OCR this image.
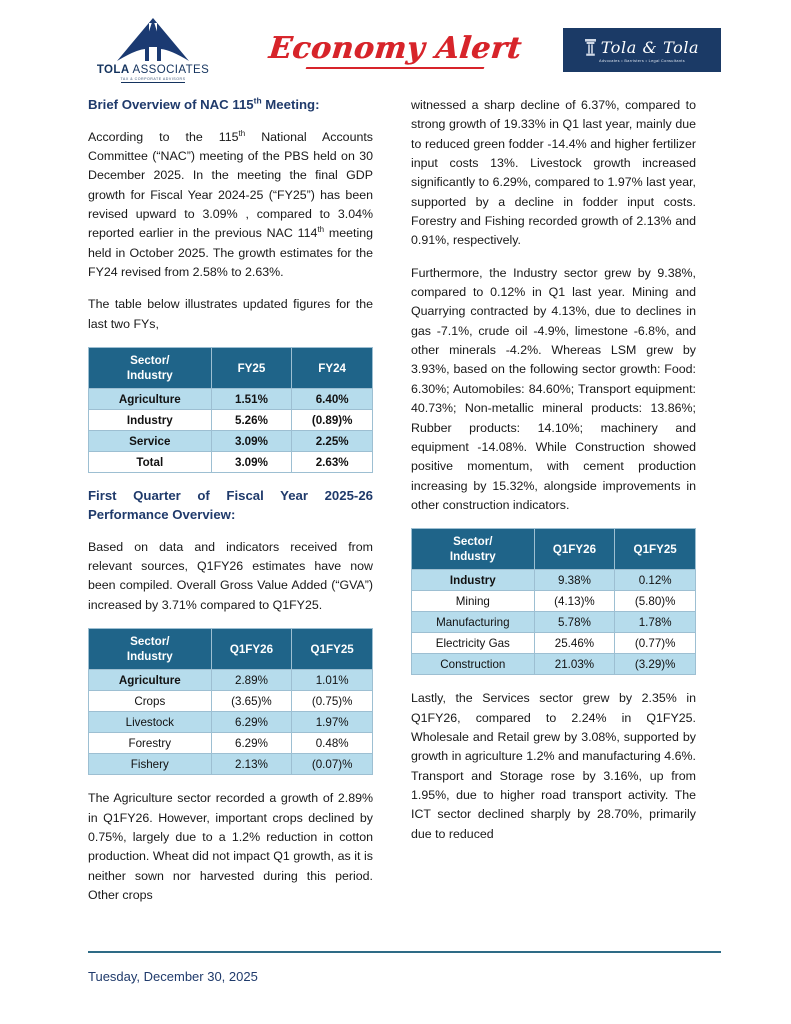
TOLA ASSOCIATES
TAX & CORPORATE ADVISORS
Economy Alert	Tola & Tola
Advocates • Barristers • Legal Consultants
Brief Overview of NAC 115th Meeting:

According to the 115th National Accounts Committee (“NAC”) meeting of the PBS held on 30 December 2025. In the meeting the final GDP growth for Fiscal Year 2024-25 (“FY25”) has been revised upward to 3.09% , compared to 3.04% reported earlier in the previous NAC 114th meeting held in October 2025. The growth estimates for the FY24 revised from 2.58% to 2.63%.

The table below illustrates updated figures for the last two FYs,

Sector/
Industry	FY25	FY24
Agriculture	1.51%	6.40%
Industry	5.26%	(0.89)%
Service	3.09%	2.25%
Total	3.09%	2.63%
First Quarter of Fiscal Year 2025-26 Performance Overview:

Based on data and indicators received from relevant sources, Q1FY26 estimates have now been compiled. Overall Gross Value Added (“GVA”) increased by 3.71% compared to Q1FY25.

Sector/
Industry	Q1FY26	Q1FY25
Agriculture	2.89%	1.01%
Crops	(3.65)%	(0.75)%
Livestock	6.29%	1.97%
Forestry	6.29%	0.48%
Fishery	2.13%	(0.07)%

The Agriculture sector recorded a growth of 2.89% in Q1FY26. However, important crops declined by 0.75%, largely due to a 1.2% reduction in cotton production. Wheat did not impact Q1 growth, as it is neither sown nor harvested during this period. Other crops

witnessed a sharp decline of 6.37%, compared to strong growth of 19.33% in Q1 last year, mainly due to reduced green fodder -14.4% and higher fertilizer input costs 13%. Livestock growth increased significantly to 6.29%, compared to 1.97% last year, supported by a decline in fodder input costs. Forestry and Fishing recorded growth of 2.13% and 0.91%, respectively.

Furthermore, the Industry sector grew by 9.38%, compared to 0.12% in Q1 last year. Mining and Quarrying contracted by 4.13%, due to declines in gas -7.1%, crude oil -4.9%, limestone -6.8%, and other minerals -4.2%. Whereas LSM grew by 3.93%, based on the following sector growth: Food: 6.30%; Automobiles: 84.60%; Transport equipment: 40.73%; Non-metallic mineral products: 13.86%; Rubber products: 14.10%; machinery and equipment -14.08%. While Construction showed positive momentum, with cement production increasing by 15.32%, alongside improvements in other construction indicators.

Sector/
Industry	Q1FY26	Q1FY25
Industry	9.38%	0.12%
Mining	(4.13)%	(5.80)%
Manufacturing	5.78%	1.78%
Electricity Gas	25.46%	(0.77)%
Construction	21.03%	(3.29)%

Lastly, the Services sector grew by 2.35% in Q1FY26, compared to 2.24% in Q1FY25. Wholesale and Retail grew by 3.08%, supported by growth in agriculture 1.2% and manufacturing 4.6%. Transport and Storage rose by 3.16%, up from 1.95%, due to higher road transport activity. The ICT sector declined sharply by 28.70%, primarily due to reduced

Tuesday, December 30, 2025
